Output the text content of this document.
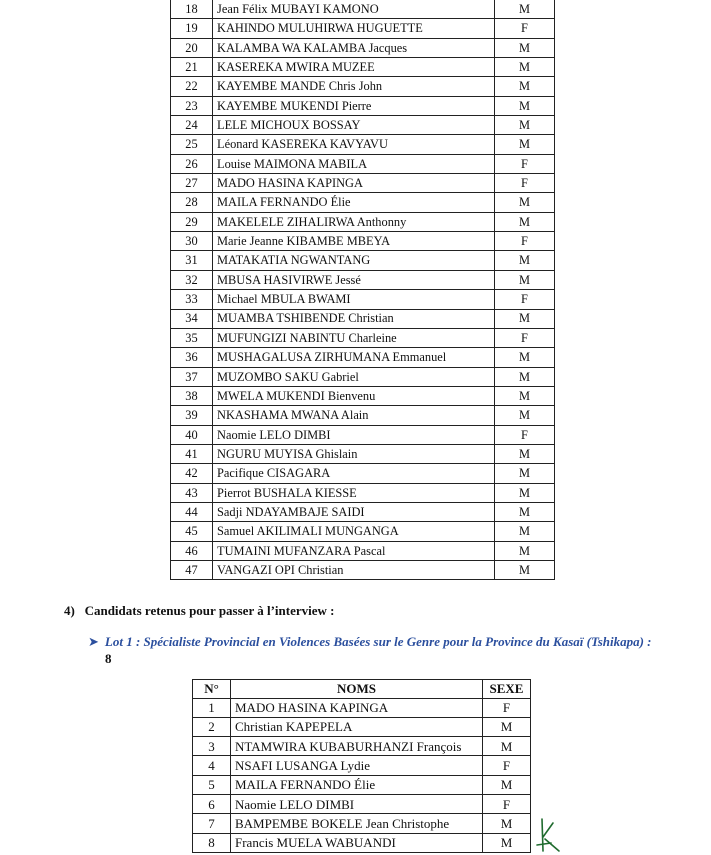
18	Jean Félix MUBAYI KAMONO	M
19	KAHINDO MULUHIRWA HUGUETTE	F
20	KALAMBA WA KALAMBA Jacques	M
21	KASEREKA MWIRA MUZEE	M
22	KAYEMBE MANDE Chris John	M
23	KAYEMBE MUKENDI Pierre	M
24	LELE MICHOUX BOSSAY	M
25	Léonard KASEREKA KAVYAVU	M
26	Louise MAIMONA MABILA	F
27	MADO HASINA KAPINGA	F
28	MAILA FERNANDO Élie	M
29	MAKELELE ZIHALIRWA Anthonny	M
30	Marie Jeanne KIBAMBE MBEYA	F
31	MATAKATIA NGWANTANG	M
32	MBUSA HASIVIRWE Jessé	M
33	Michael MBULA BWAMI	F
34	MUAMBA TSHIBENDE Christian	M
35	MUFUNGIZI NABINTU Charleine	F
36	MUSHAGALUSA ZIRHUMANA Emmanuel	M
37	MUZOMBO SAKU Gabriel	M
38	MWELA MUKENDI Bienvenu	M
39	NKASHAMA MWANA Alain	M
40	Naomie LELO DIMBI	F
41	NGURU MUYISA Ghislain	M
42	Pacifique CISAGARA	M
43	Pierrot BUSHALA KIESSE	M
44	Sadji NDAYAMBAJE SAIDI	M
45	Samuel AKILIMALI MUNGANGA	M
46	TUMAINI MUFANZARA Pascal	M
47	VANGAZI OPI Christian	M
4)   Candidats retenus pour passer à l’interview :
➤ Lot 1 : Spécialiste Provincial en Violences Basées sur le Genre pour la Province du Kasaï (Tshikapa) :
8
N°	NOMS	SEXE
1	MADO HASINA KAPINGA	F
2	Christian KAPEPELA	M
3	NTAMWIRA KUBABURHANZI François	M
4	NSAFI LUSANGA Lydie	F
5	MAILA FERNANDO Élie	M
6	Naomie LELO DIMBI	F
7	BAMPEMBE BOKELE Jean Christophe	M
8	Francis MUELA WABUANDI	M
